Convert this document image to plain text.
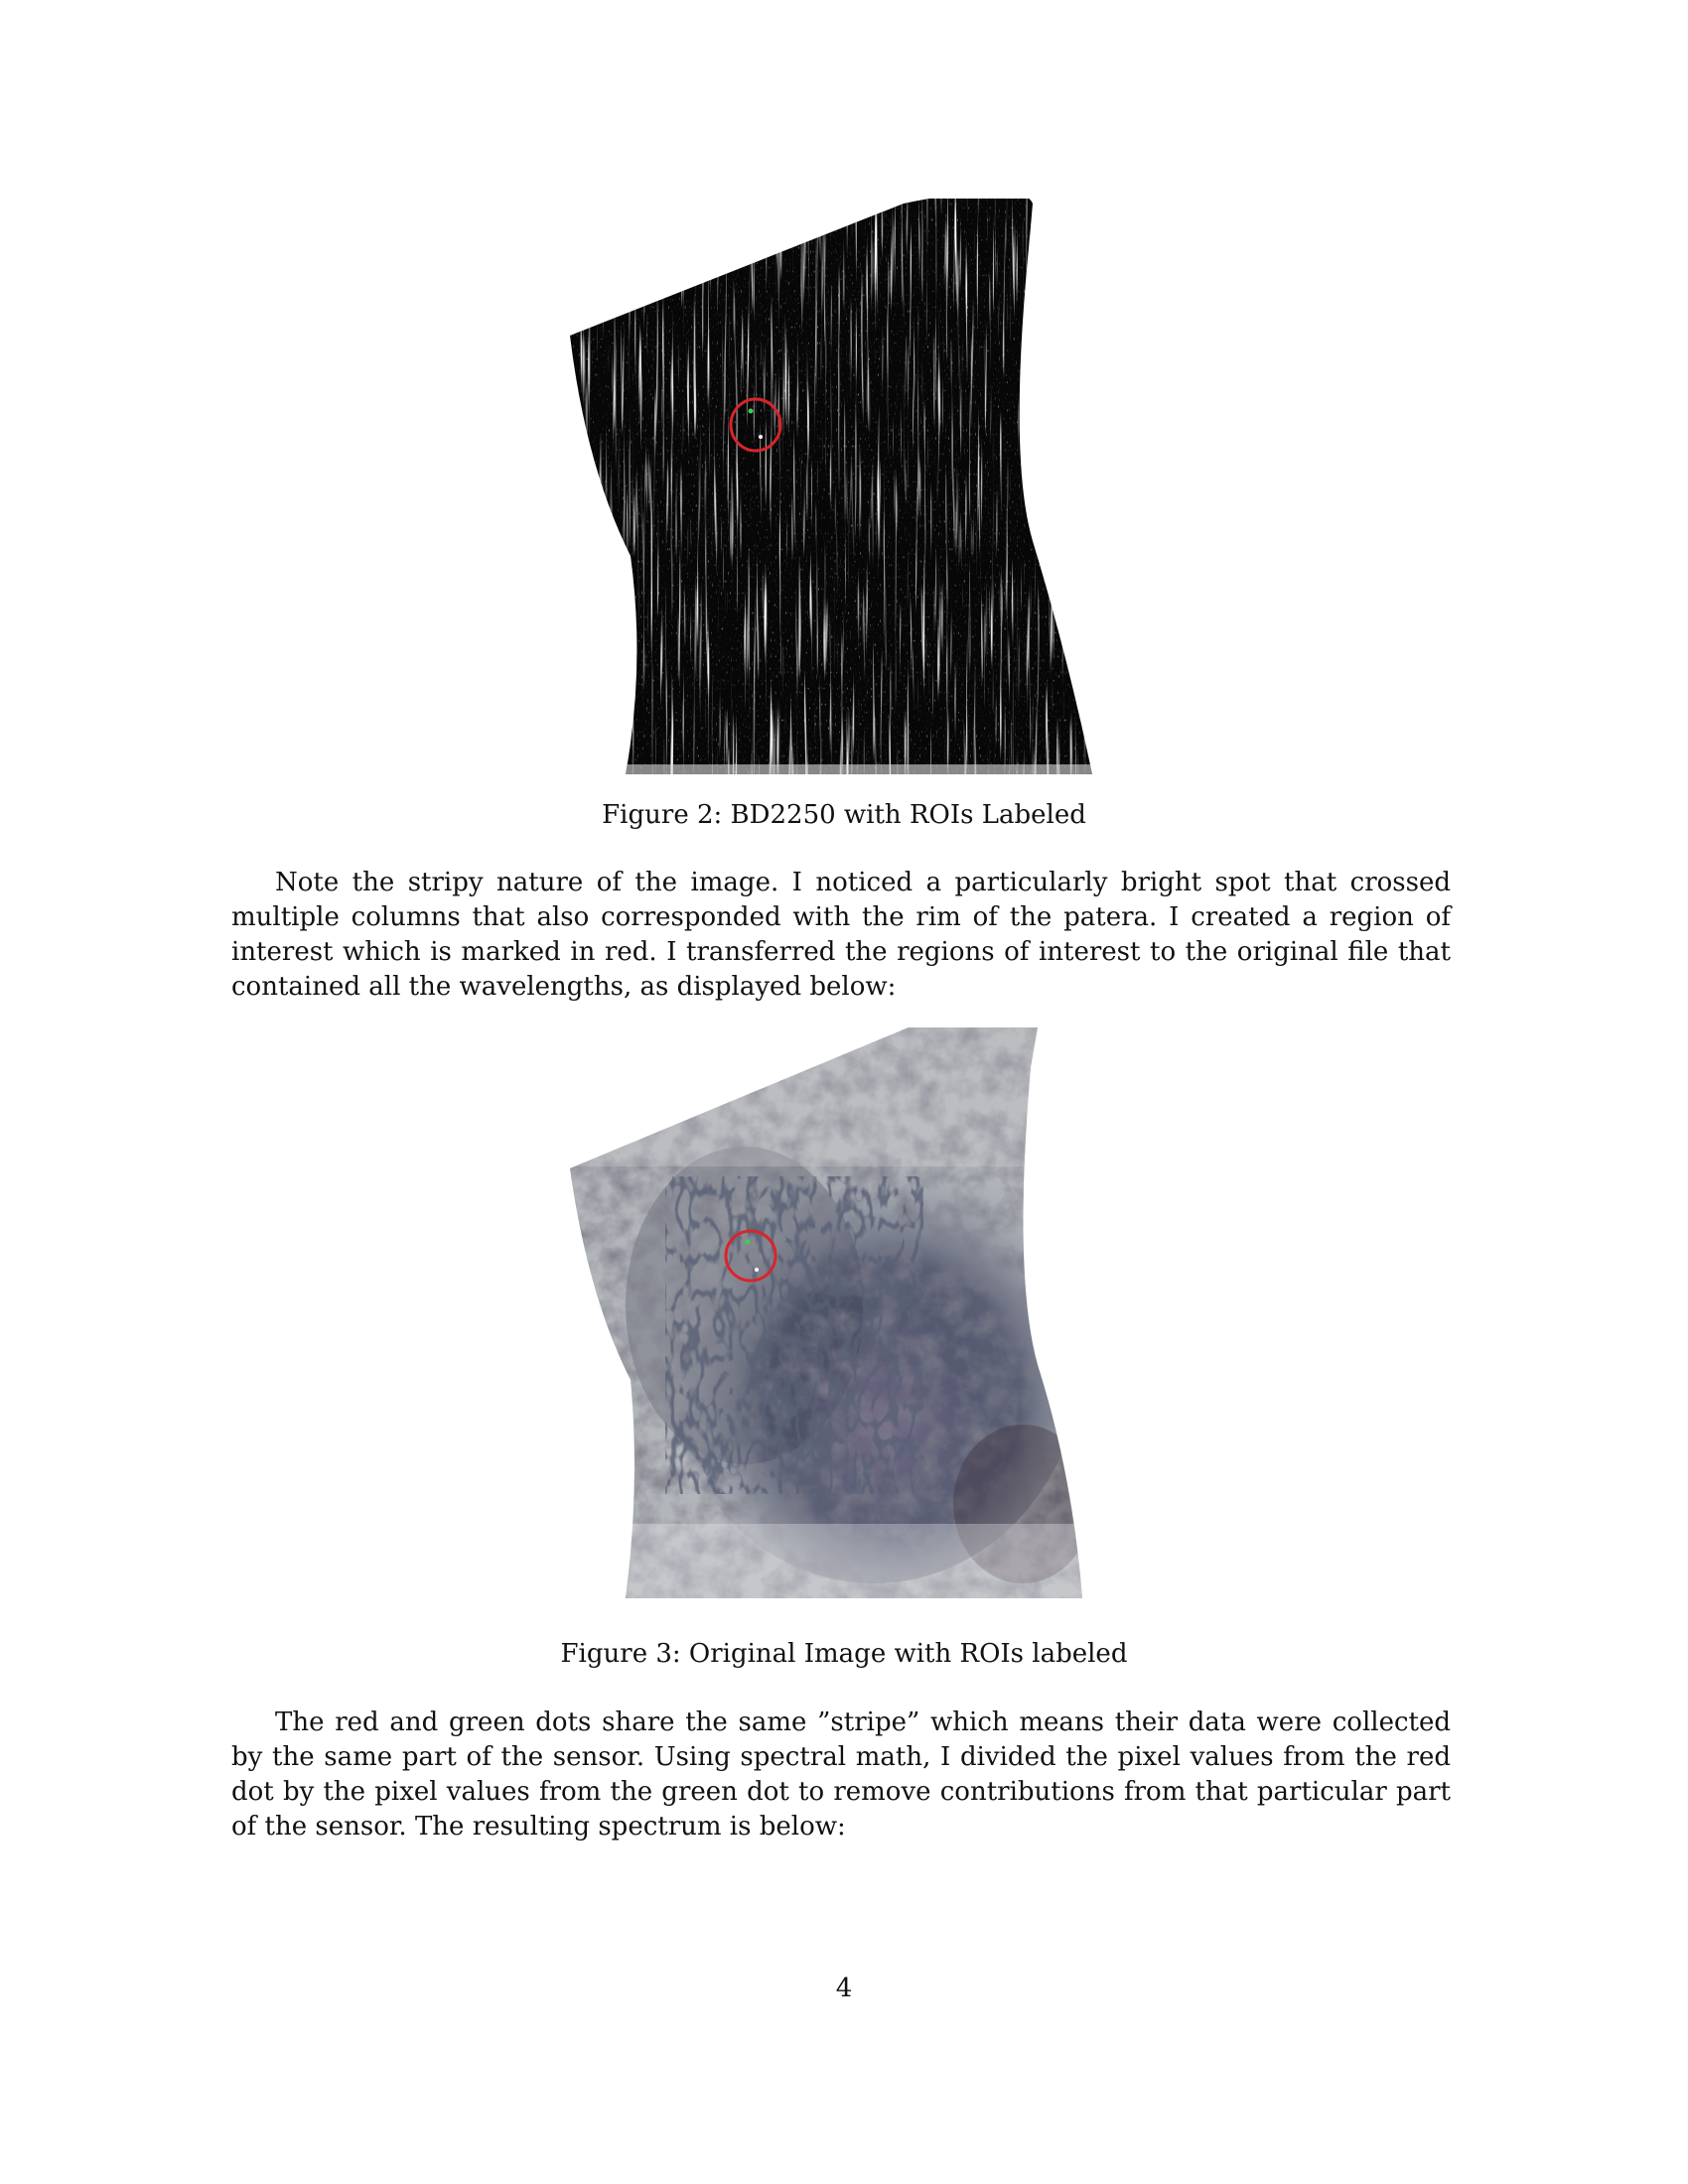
Figure 2: BD2250 with ROIs Labeled

Note the stripy nature of the image. I noticed a particularly bright spot that crossed multiple columns that also corresponded with the rim of the patera. I created a region of interest which is marked in red. I transferred the regions of interest to the original file that contained all the wavelengths, as displayed below:

Figure 3: Original Image with ROIs labeled

The red and green dots share the same ”stripe” which means their data were collected by the same part of the sensor. Using spectral math, I divided the pixel values from the red dot by the pixel values from the green dot to remove contributions from that particular part of the sensor. The resulting spectrum is below:

4
